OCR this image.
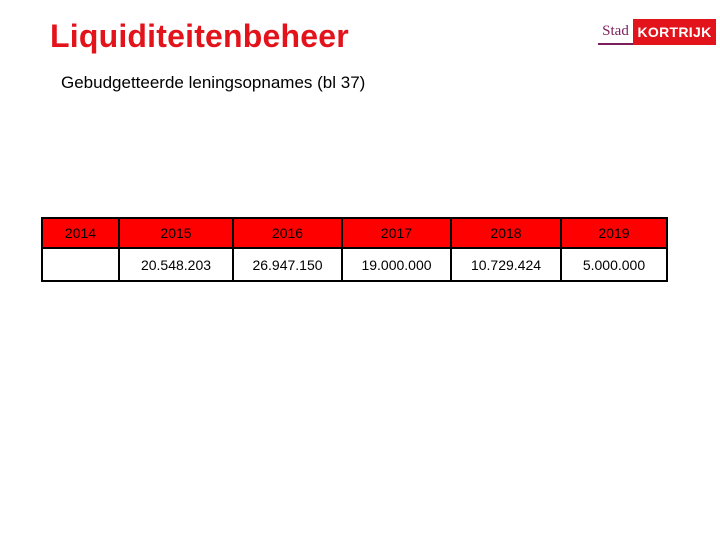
Liquiditeitenbeheer	Stad KORTRIJK
Gebudgetteerde leningsopnames (bl 37)
2014	2015	2016	2017	2018	2019
	20.548.203	26.947.150	19.000.000	10.729.424	5.000.000
